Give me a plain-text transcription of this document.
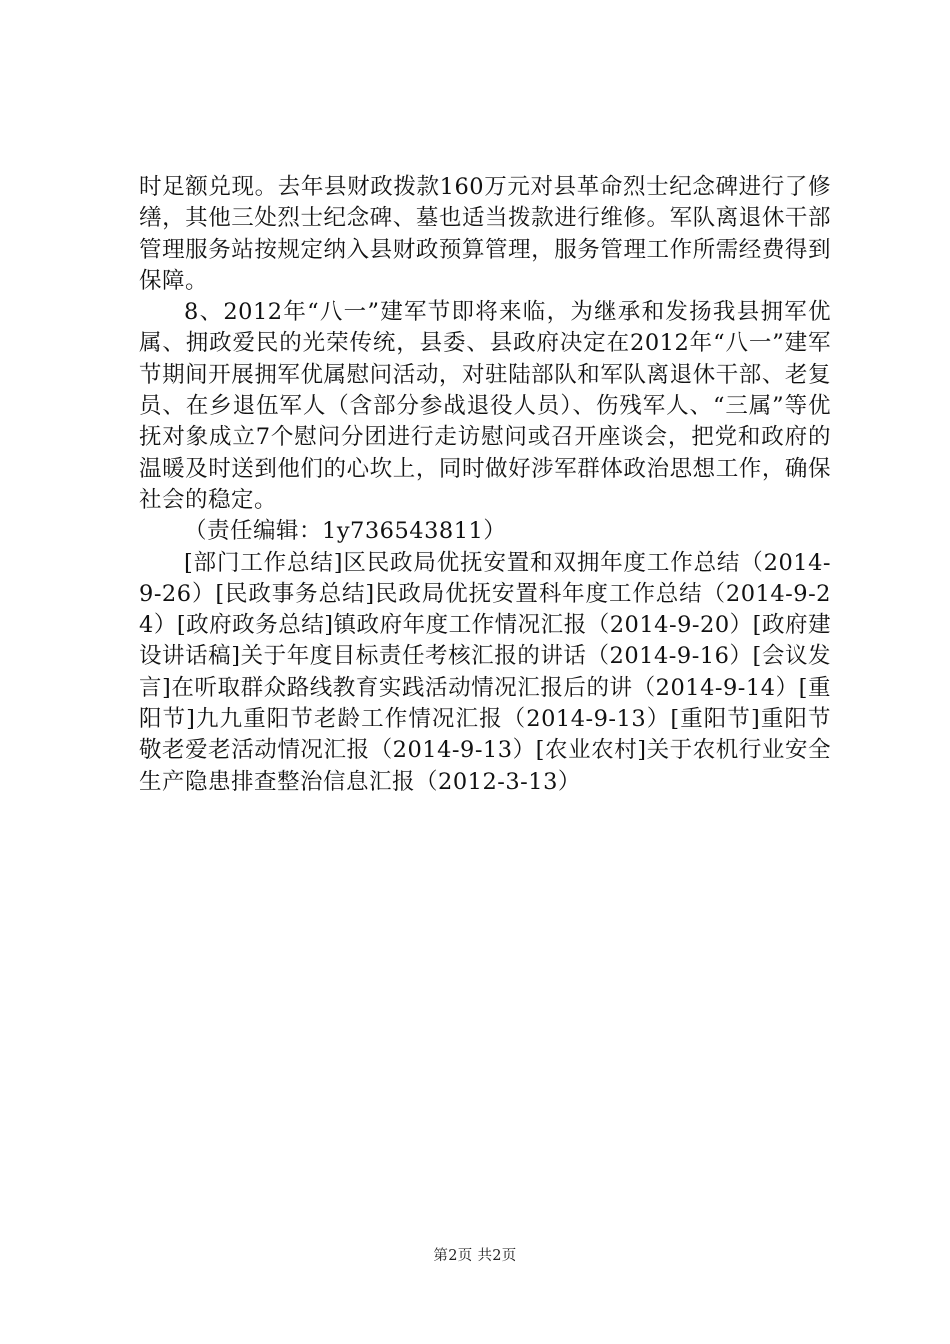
时足额兑现。去年县财政拨款160万元对县革命烈士纪念碑进行了修缮，其他三处烈士纪念碑、墓也适当拨款进行维修。军队离退休干部管理服务站按规定纳入县财政预算管理，服务管理工作所需经费得到保障。

8、2012年“八一”建军节即将来临，为继承和发扬我县拥军优属、拥政爱民的光荣传统，县委、县政府决定在2012年“八一”建军节期间开展拥军优属慰问活动，对驻陆部队和军队离退休干部、老复员、在乡退伍军人（含部分参战退役人员）、伤残军人、“三属”等优抚对象成立7个慰问分团进行走访慰问或召开座谈会，把党和政府的温暖及时送到他们的心坎上，同时做好涉军群体政治思想工作，确保社会的稳定。

（责任编辑：1y736543811）

[部门工作总结]区民政局优抚安置和双拥年度工作总结（2014-9-26）[民政事务总结]民政局优抚安置科年度工作总结（2014-9-24）[政府政务总结]镇政府年度工作情况汇报（2014-9-20）[政府建设讲话稿]关于年度目标责任考核汇报的讲话（2014-9-16）[会议发言]在听取群众路线教育实践活动情况汇报后的讲（2014-9-14）[重阳节]九九重阳节老龄工作情况汇报（2014-9-13）[重阳节]重阳节敬老爱老活动情况汇报（2014-9-13）[农业农村]关于农机行业安全生产隐患排查整治信息汇报（2012-3-13）

第2页 共2页
